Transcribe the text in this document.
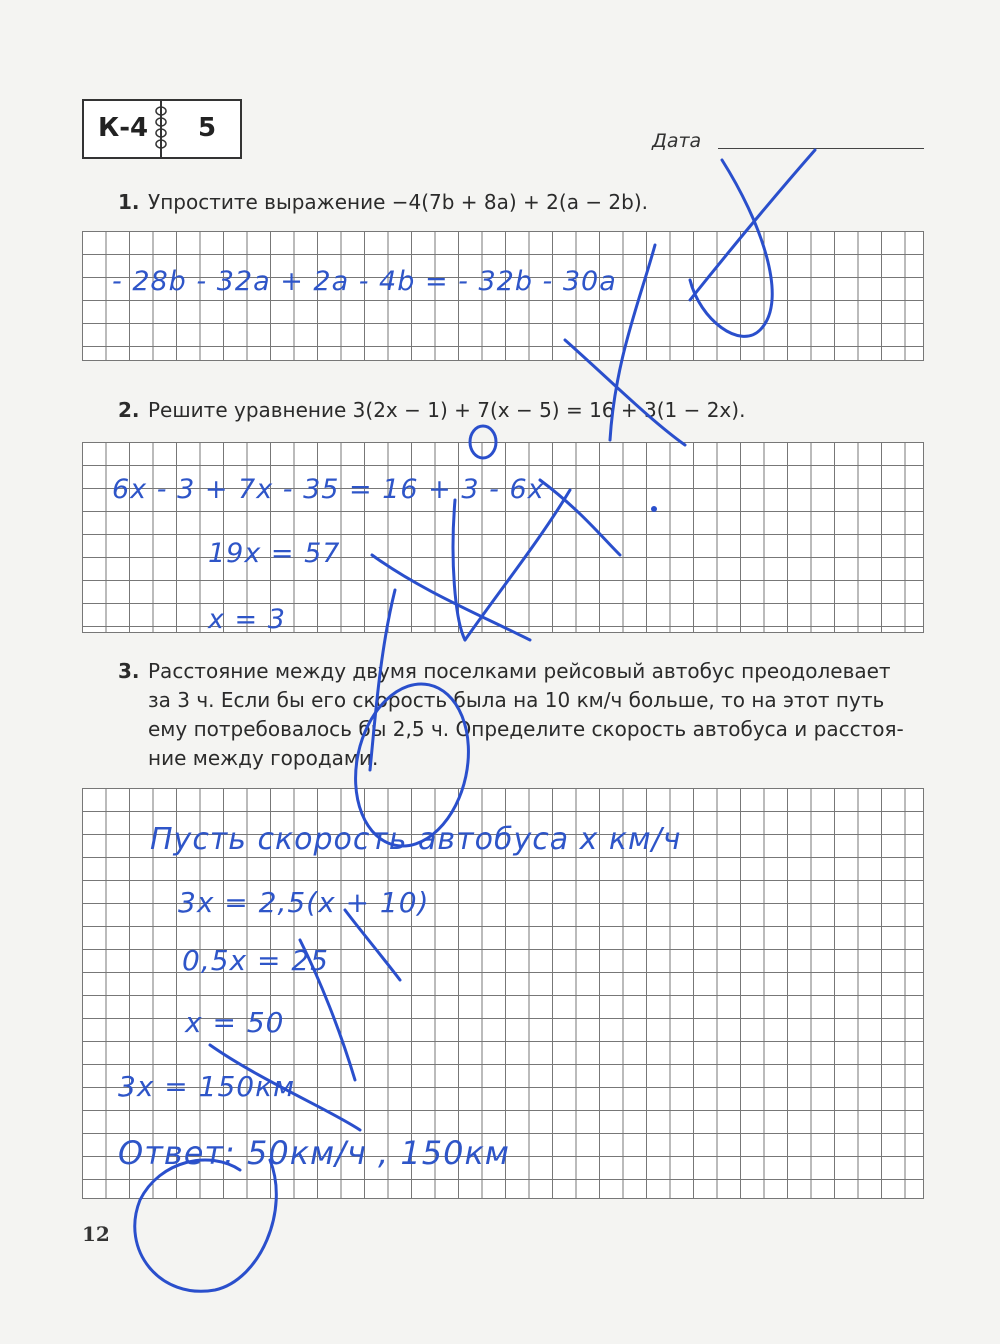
К-4 5	Дата
1. Упростите выражение −4(7b + 8a) + 2(a − 2b).
- 28b - 32a + 2a - 4b = - 32b - 30a
2. Решите уравнение 3(2x − 1) + 7(x − 5) = 16 + 3(1 − 2x).
6x - 3 + 7x - 35 = 16 + 3 - 6x
19x = 57
x = 3
3. Расстояние между двумя поселками рейсовый автобус преодолевает
за 3 ч. Если бы его скорость была на 10 км/ч больше, то на этот путь
ему потребовалось бы 2,5 ч. Определите скорость автобуса и расстоя-
ние между городами.
Пусть скорость автобуса x км/ч
3x = 2,5(x + 10)
0,5x = 25
x = 50
3x = 150км
Ответ: 50км/ч , 150км
12
